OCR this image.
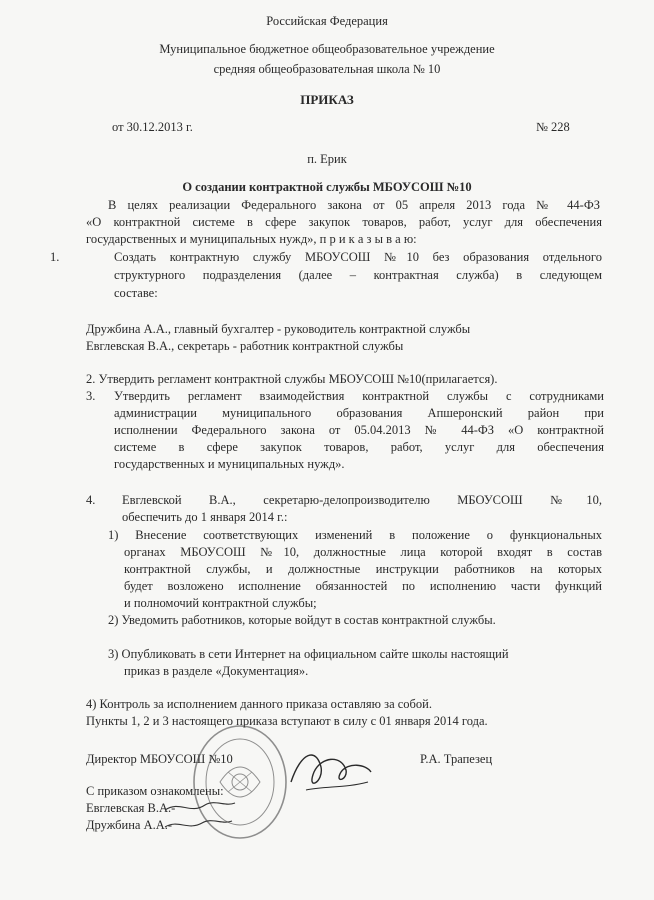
Российская Федерация
Муниципальное бюджетное общеобразовательное учреждение
средняя общеобразовательная школа № 10
ПРИКАЗ
от 30.12.2013 г.	№ 228
п. Ерик
О создании контрактной службы МБОУСОШ №10
В целях реализации Федерального закона от 05 апреля 2013 года № 44-ФЗ
«О контрактной системе в сфере закупок товаров, работ, услуг для обеспечения
государственных и муниципальных нужд», п р и к а з ы в а ю:
1.	Создать контрактную службу МБОУСОШ №10 без образования отдельного
структурного подразделения (далее – контрактная служба) в следующем
составе:
Дружбина А.А., главный бухгалтер - руководитель контрактной службы
Евглевская В.А., секретарь - работник контрактной службы
2. Утвердить регламент контрактной службы МБОУСОШ №10(прилагается).
3. Утвердить регламент взаимодействия контрактной службы с сотрудниками
администрации муниципального образования Апшеронский район при
исполнении Федерального закона от 05.04.2013 № 44-ФЗ «О контрактной
системе в сфере закупок товаров, работ, услуг для обеспечения
государственных и муниципальных нужд».
4. Евглевской В.А., секретарю-делопроизводителю МБОУСОШ №10,
обеспечить до 1 января 2014 г.:
1) Внесение соответствующих изменений в положение о функциональных
органах МБОУСОШ №10, должностные лица которой входят в состав
контрактной службы, и должностные инструкции работников на которых
будет возложено исполнение обязанностей по исполнению части функций
и полномочий контрактной службы;
2) Уведомить работников, которые войдут в состав контрактной службы.
3) Опубликовать в сети Интернет на официальном сайте школы настоящий
приказ в разделе «Документация».
4) Контроль за исполнением данного приказа оставляю за собой.
Пункты 1, 2 и 3 настоящего приказа вступают в силу с 01 января 2014 года.
Директор МБОУСОШ №10	Р.А. Трапезец
С приказом ознакомлены:
Евглевская В.А.-
Дружбина А.А.-
